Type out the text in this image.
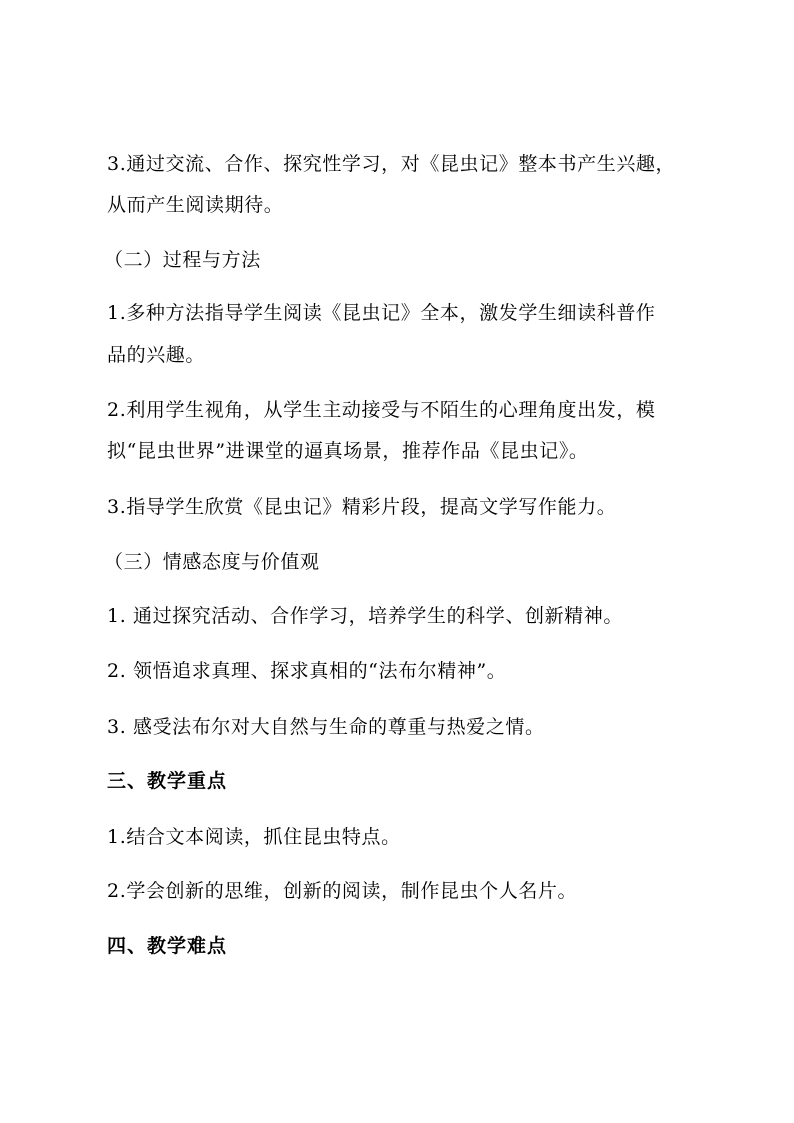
3.通过交流、合作、探究性学习，对《昆虫记》整本书产生兴趣，
从而产生阅读期待。
（二）过程与方法
1.多种方法指导学生阅读《昆虫记》全本，激发学生细读科普作
品的兴趣。
2.利用学生视角，从学生主动接受与不陌生的心理角度出发，模
拟“昆虫世界”进课堂的逼真场景，推荐作品《昆虫记》。
3.指导学生欣赏《昆虫记》精彩片段，提高文学写作能力。
（三）情感态度与价值观
1. 通过探究活动、合作学习，培养学生的科学、创新精神。
2. 领悟追求真理、探求真相的“法布尔精神”。
3. 感受法布尔对大自然与生命的尊重与热爱之情。
三、教学重点
1.结合文本阅读，抓住昆虫特点。
2.学会创新的思维，创新的阅读，制作昆虫个人名片。
四、教学难点
